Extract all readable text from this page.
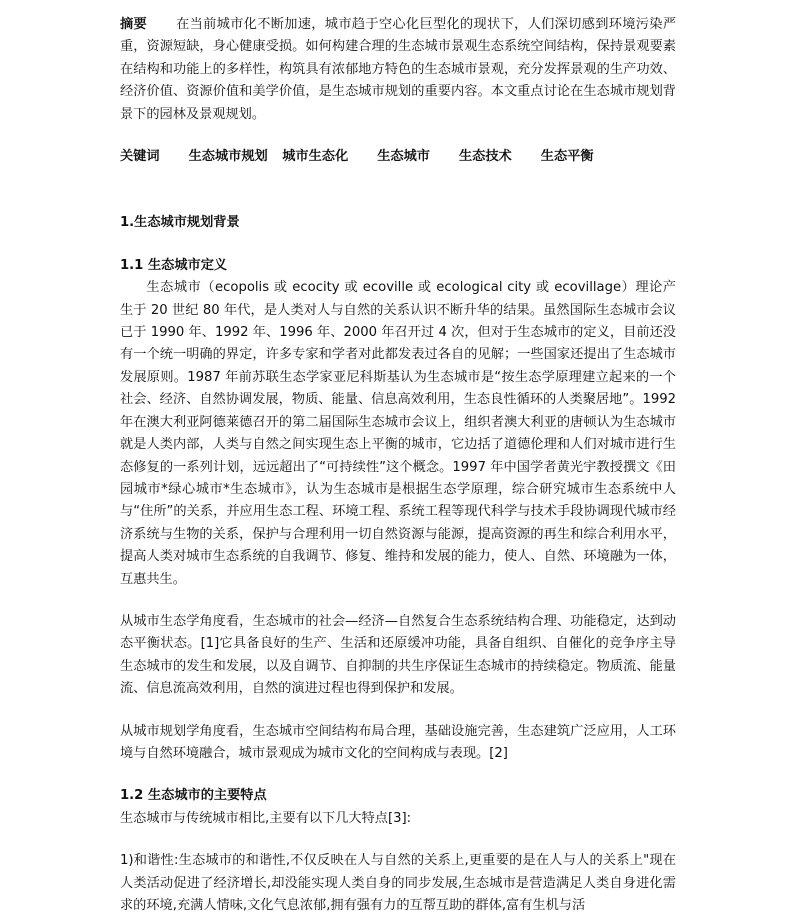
摘要 在当前城市化不断加速，城市趋于空心化巨型化的现状下，人们深切感到环境污染严重，资源短缺，身心健康受损。如何构建合理的生态城市景观生态系统空间结构，保持景观要素在结构和功能上的多样性，构筑具有浓郁地方特色的生态城市景观，充分发挥景观的生产功效、经济价值、资源价值和美学价值，是生态城市规划的重要内容。本文重点讨论在生态城市规划背景下的园林及景观规划。

关键词 生态城市规划 城市生态化 生态城市 生态技术 生态平衡

1.生态城市规划背景
1.1 生态城市定义

生态城市（ecopolis 或 ecocity 或 ecoville 或 ecological city 或 ecovillage）理论产生于 20 世纪 80 年代，是人类对人与自然的关系认识不断升华的结果。虽然国际生态城市会议已于 1990 年、1992 年、1996 年、2000 年召开过 4 次，但对于生态城市的定义，目前还没有一个统一明确的界定，许多专家和学者对此都发表过各自的见解；一些国家还提出了生态城市发展原则。1987 年前苏联生态学家亚尼科斯基认为生态城市是“按生态学原理建立起来的一个社会、经济、自然协调发展，物质、能量、信息高效利用，生态良性循环的人类聚居地”。1992 年在澳大利亚阿德莱德召开的第二届国际生态城市会议上，组织者澳大利亚的唐顿认为生态城市就是人类内部，人类与自然之间实现生态上平衡的城市，它边括了道德伦理和人们对城市进行生态修复的一系列计划，远远超出了“可持续性”这个概念。1997 年中国学者黄光宇教授撰文《田园城市*绿心城市*生态城市》，认为生态城市是根据生态学原理，综合研究城市生态系统中人与“住所”的关系，并应用生态工程、环境工程、系统工程等现代科学与技术手段协调现代城市经济系统与生物的关系，保护与合理利用一切自然资源与能源，提高资源的再生和综合利用水平，提高人类对城市生态系统的自我调节、修复、维持和发展的能力，使人、自然、环境融为一体，互惠共生。

从城市生态学角度看，生态城市的社会—经济—自然复合生态系统结构合理、功能稳定，达到动态平衡状态。[1]它具备良好的生产、生活和还原缓冲功能，具备自组织、自催化的竞争序主导生态城市的发生和发展，以及自调节、自抑制的共生序保证生态城市的持续稳定。物质流、能量流、信息流高效利用，自然的演进过程也得到保护和发展。

从城市规划学角度看，生态城市空间结构布局合理，基础设施完善，生态建筑广泛应用，人工环境与自然环境融合，城市景观成为城市文化的空间构成与表现。[2]

1.2 生态城市的主要特点

生态城市与传统城市相比,主要有以下几大特点[3]:

1)和谐性:生态城市的和谐性,不仅反映在人与自然的关系上,更重要的是在人与人的关系上"现在人类活动促进了经济增长,却没能实现人类自身的同步发展,生态城市是营造满足人类自身进化需求的环境,充满人情味,文化气息浓郁,拥有强有力的互帮互助的群体,富有生机与活
